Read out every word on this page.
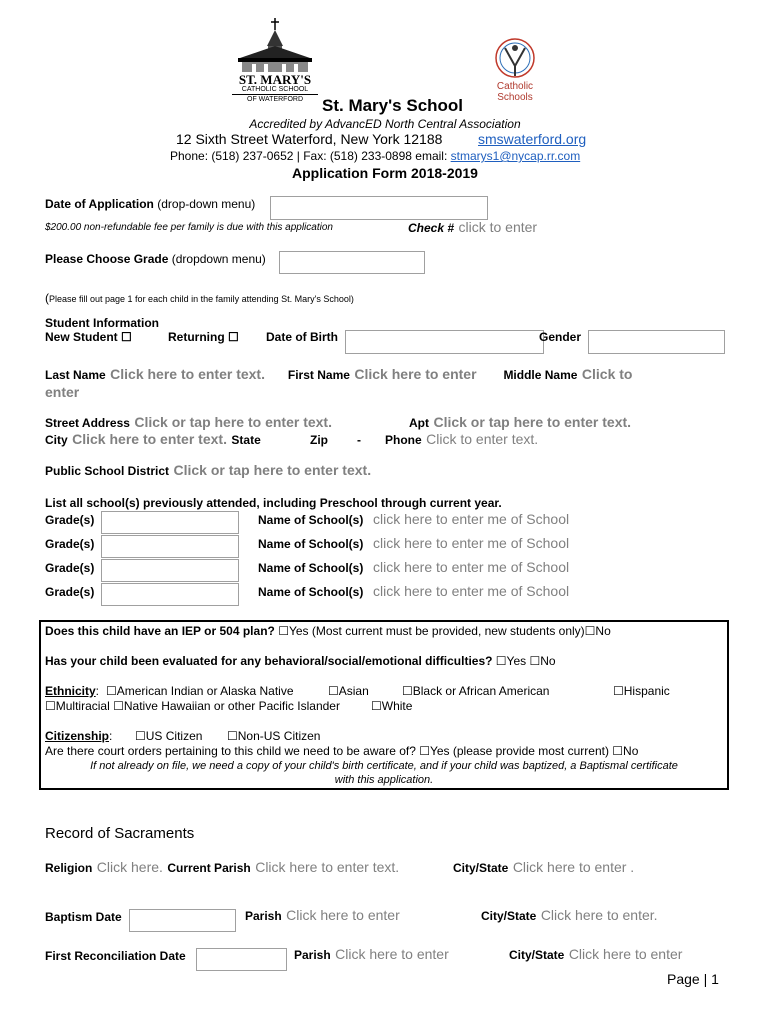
ST. MARY'S
CATHOLIC SCHOOL
OF WATERFORD
Catholic
Schools
St. Mary's School
Accredited by AdvancED North Central Association
12 Sixth Street Waterford, New York 12188	smswaterford.org
Phone: (518) 237-0652 | Fax: (518) 233-0898 email: stmarys1@nycap.rr.com
Application Form 2018-2019
Date of Application (drop-down menu)
$200.00 non-refundable fee per family is due with this application	Check # click to enter
Please Choose Grade (dropdown menu)
(Please fill out page 1 for each child in the family attending St. Mary's School)
Student Information
New Student ☐	Returning ☐ Date of Birth	Gender
Last Name Click here to enter text. First Name Click here to enter Middle Name Click to
enter
Street Address Click or tap here to enter text.	Apt Click or tap here to enter text.
City Click here to enter text. State	Zip - Phone Click to enter text.
Public School District Click or tap here to enter text.
List all school(s) previously attended, including Preschool through current year.
Grade(s)	Name of School(s) click here to enter me of School
Grade(s)	Name of School(s) click here to enter me of School
Grade(s)	Name of School(s) click here to enter me of School
Grade(s)	Name of School(s) click here to enter me of School
Does this child have an IEP or 504 plan? ☐Yes (Most current must be provided, new students only)☐No
Has your child been evaluated for any behavioral/social/emotional difficulties? ☐Yes ☐No
Ethnicity: ☐American Indian or Alaska Native	☐Asian	☐Black or African American	☐Hispanic
☐Multiracial ☐Native Hawaiian or other Pacific Islander	☐White
Citizenship: ☐US Citizen ☐Non-US Citizen
Are there court orders pertaining to this child we need to be aware of? ☐Yes (please provide most current) ☐No
If not already on file, we need a copy of your child's birth certificate, and if your child was baptized, a Baptismal certificate
with this application.
Record of Sacraments
Religion Click here. Current Parish Click here to enter text.	City/State Click here to enter .
Baptism Date	Parish Click here to enter	City/State Click here to enter.
First Reconciliation Date	Parish Click here to enter	City/State Click here to enter
Page | 1
